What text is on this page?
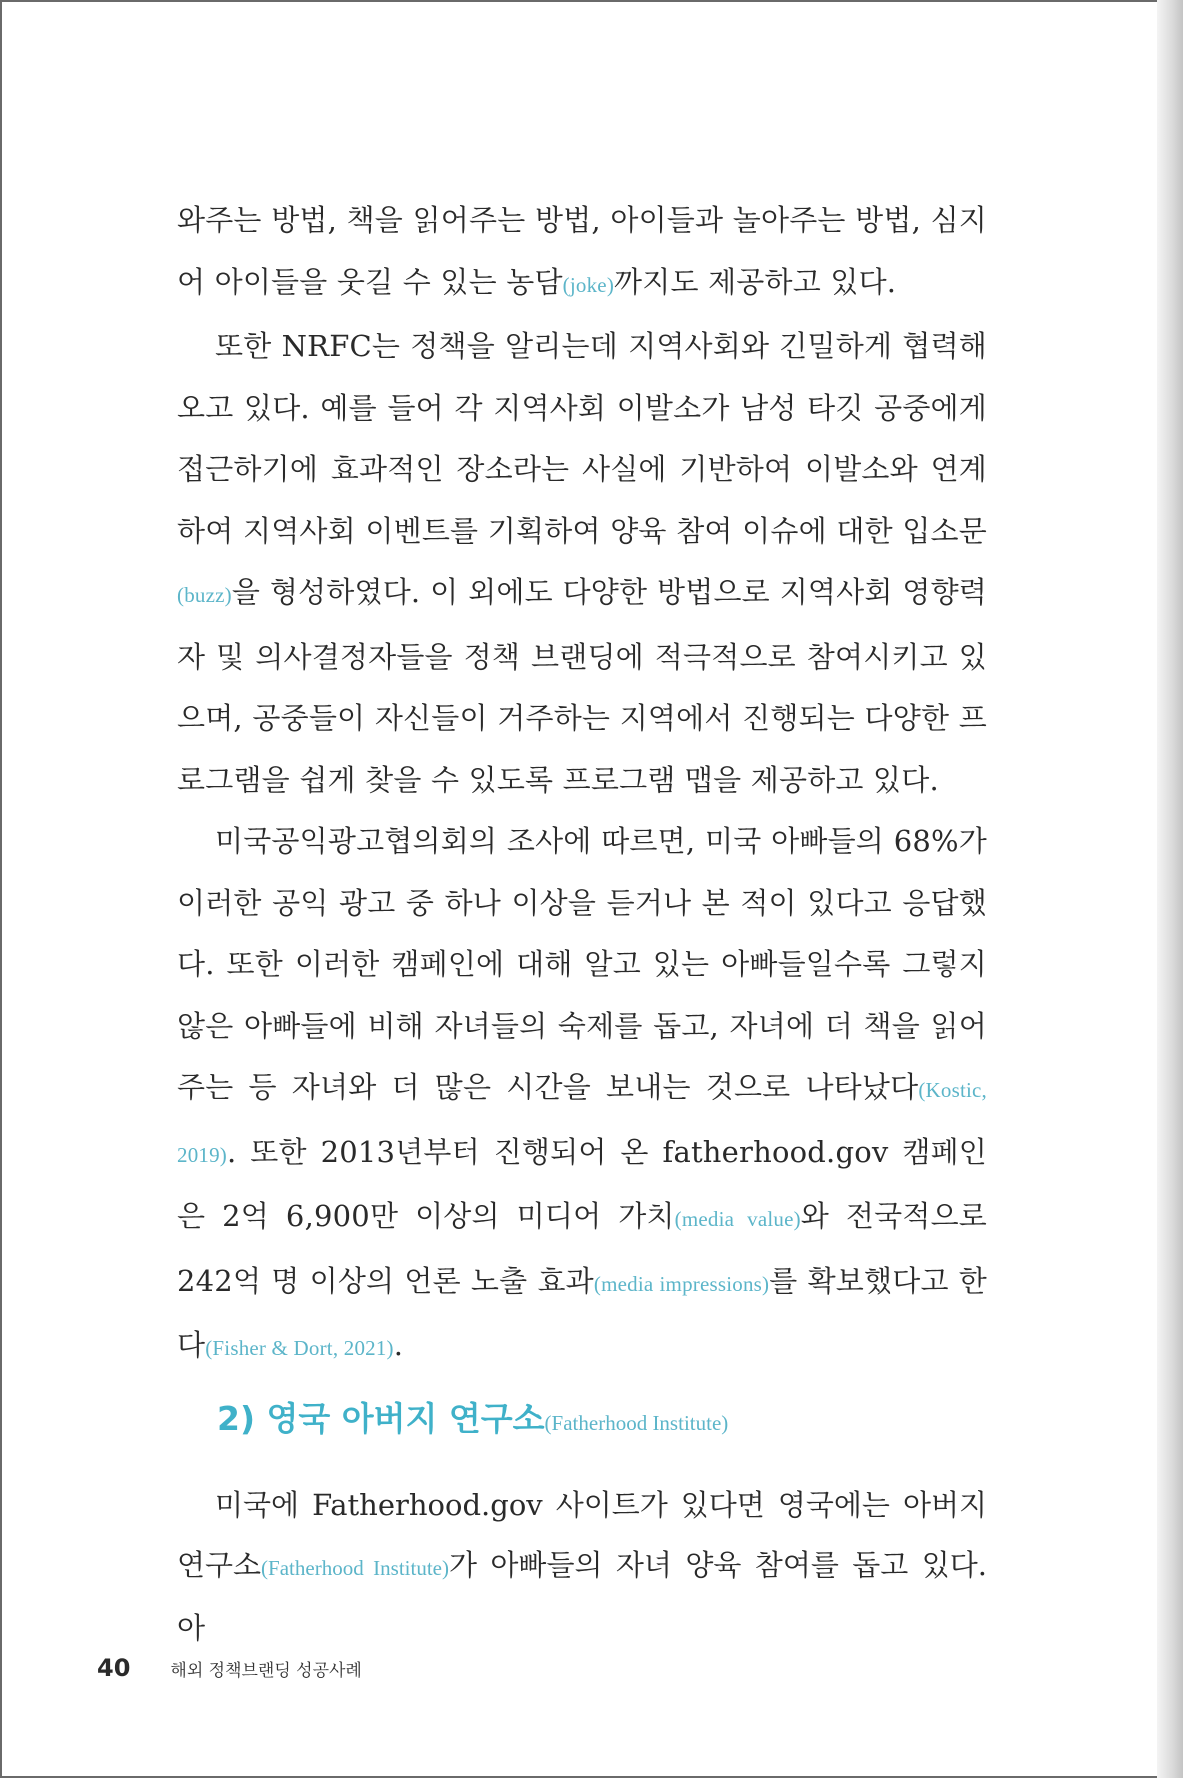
와주는 방법, 책을 읽어주는 방법, 아이들과 놀아주는 방법, 심지어 아이들을 웃길 수 있는 농담(joke)까지도 제공하고 있다.

또한 NRFC는 정책을 알리는데 지역사회와 긴밀하게 협력해 오고 있다. 예를 들어 각 지역사회 이발소가 남성 타깃 공중에게 접근하기에 효과적인 장소라는 사실에 기반하여 이발소와 연계하여 지역사회 이벤트를 기획하여 양육 참여 이슈에 대한 입소문(buzz)을 형성하였다. 이 외에도 다양한 방법으로 지역사회 영향력자 및 의사결정자들을 정책 브랜딩에 적극적으로 참여시키고 있으며, 공중들이 자신들이 거주하는 지역에서 진행되는 다양한 프로그램을 쉽게 찾을 수 있도록 프로그램 맵을 제공하고 있다.

미국공익광고협의회의 조사에 따르면, 미국 아빠들의 68%가 이러한 공익 광고 중 하나 이상을 듣거나 본 적이 있다고 응답했다. 또한 이러한 캠페인에 대해 알고 있는 아빠들일수록 그렇지 않은 아빠들에 비해 자녀들의 숙제를 돕고, 자녀에 더 책을 읽어주는 등 자녀와 더 많은 시간을 보내는 것으로 나타났다(Kostic, 2019). 또한 2013년부터 진행되어 온 fatherhood.gov 캠페인은 2억 6,900만 이상의 미디어 가치(media value)와 전국적으로 242억 명 이상의 언론 노출 효과(media impressions)를 확보했다고 한다(Fisher & Dort, 2021).

2) 영국 아버지 연구소(Fatherhood Institute)

미국에 Fatherhood.gov 사이트가 있다면 영국에는 아버지 연구소(Fatherhood Institute)가 아빠들의 자녀 양육 참여를 돕고 있다. 아

40 해외 정책브랜딩 성공사례
